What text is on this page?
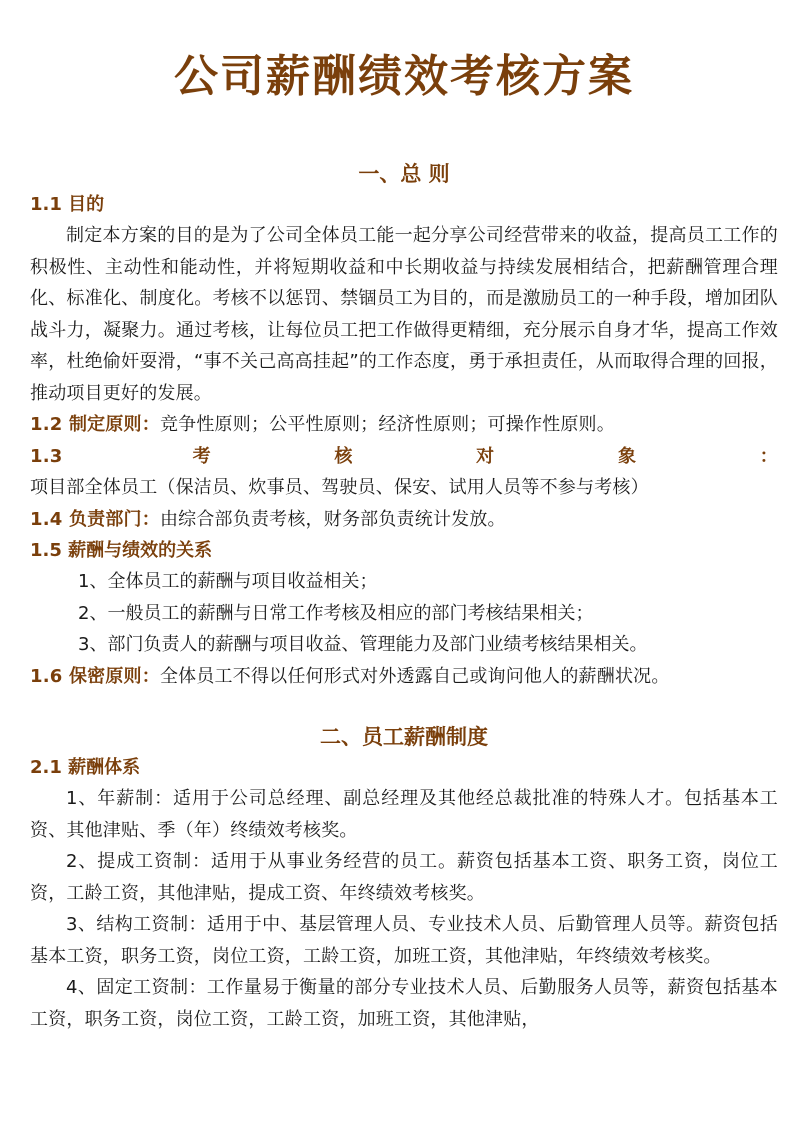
公司薪酬绩效考核方案
一、总 则

1.1 目的

制定本方案的目的是为了公司全体员工能一起分享公司经营带来的收益，提高员工工作的积极性、主动性和能动性，并将短期收益和中长期收益与持续发展相结合，把薪酬管理合理化、标准化、制度化。考核不以惩罚、禁锢员工为目的，而是激励员工的一种手段，增加团队战斗力，凝聚力。通过考核，让每位员工把工作做得更精细，充分展示自身才华，提高工作效率，杜绝偷奸耍滑，“事不关己高高挂起”的工作态度，勇于承担责任，从而取得合理的回报，推动项目更好的发展。

1.2 制定原则：竞争性原则；公平性原则；经济性原则；可操作性原则。

1.3 考核对象：项目部全体员工（保洁员、炊事员、驾驶员、保安、试用人员等不参与考核）

1.4 负责部门：由综合部负责考核，财务部负责统计发放。

1.5 薪酬与绩效的关系

1、全体员工的薪酬与项目收益相关；

2、一般员工的薪酬与日常工作考核及相应的部门考核结果相关；

3、部门负责人的薪酬与项目收益、管理能力及部门业绩考核结果相关。

1.6 保密原则：全体员工不得以任何形式对外透露自己或询问他人的薪酬状况。

二、员工薪酬制度

2.1 薪酬体系

1、年薪制：适用于公司总经理、副总经理及其他经总裁批准的特殊人才。包括基本工资、其他津贴、季（年）终绩效考核奖。

2、提成工资制：适用于从事业务经营的员工。薪资包括基本工资、职务工资，岗位工资，工龄工资，其他津贴，提成工资、年终绩效考核奖。

3、结构工资制：适用于中、基层管理人员、专业技术人员、后勤管理人员等。薪资包括基本工资，职务工资，岗位工资，工龄工资，加班工资，其他津贴，年终绩效考核奖。

4、固定工资制：工作量易于衡量的部分专业技术人员、后勤服务人员等，薪资包括基本工资，职务工资，岗位工资，工龄工资，加班工资，其他津贴，
